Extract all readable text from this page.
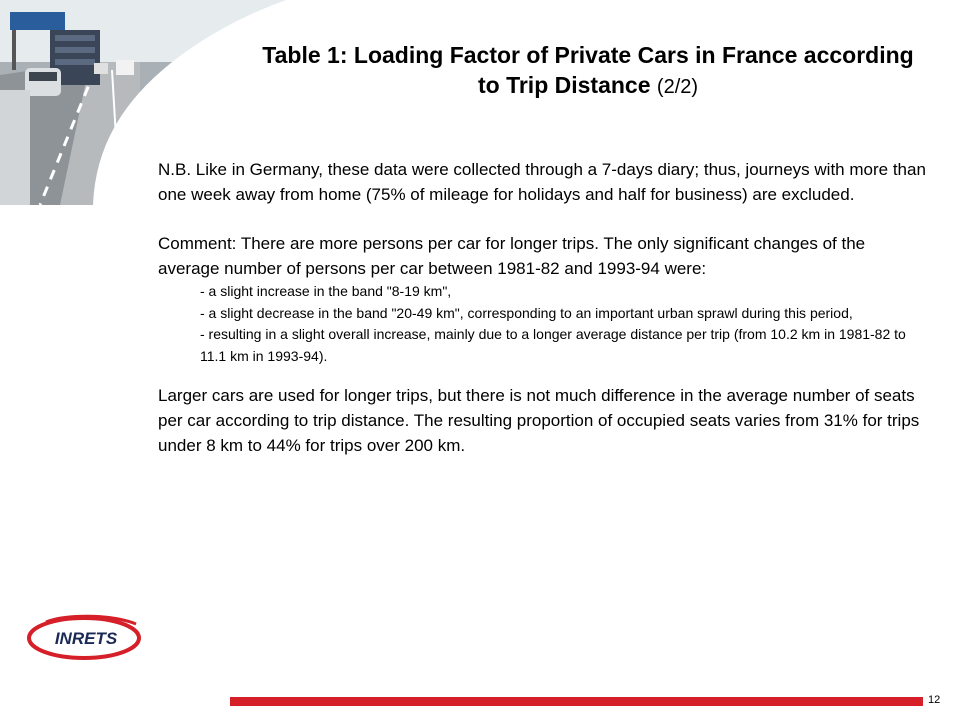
Table 1: Loading Factor of Private Cars in France according to Trip Distance (2/2)

N.B. Like in Germany, these data were collected through a 7-days diary; thus, journeys with more than one week away from home (75% of mileage for holidays and half for business) are excluded.

Comment: There are more persons per car for longer trips. The only significant changes of the average number of persons per car between 1981-82 and 1993-94 were:

- a slight increase in the band "8-19 km",
- a slight decrease in the band "20-49 km", corresponding to an important urban sprawl during this period,
- resulting in a slight overall increase, mainly due to a longer average distance per trip (from 10.2 km in 1981-82 to 11.1 km in 1993-94).

Larger cars are used for longer trips, but there is not much difference in the average number of seats per car according to trip distance. The resulting proportion of occupied seats varies from 31% for trips under 8 km to 44% for trips over 200 km.

INRETS
12
